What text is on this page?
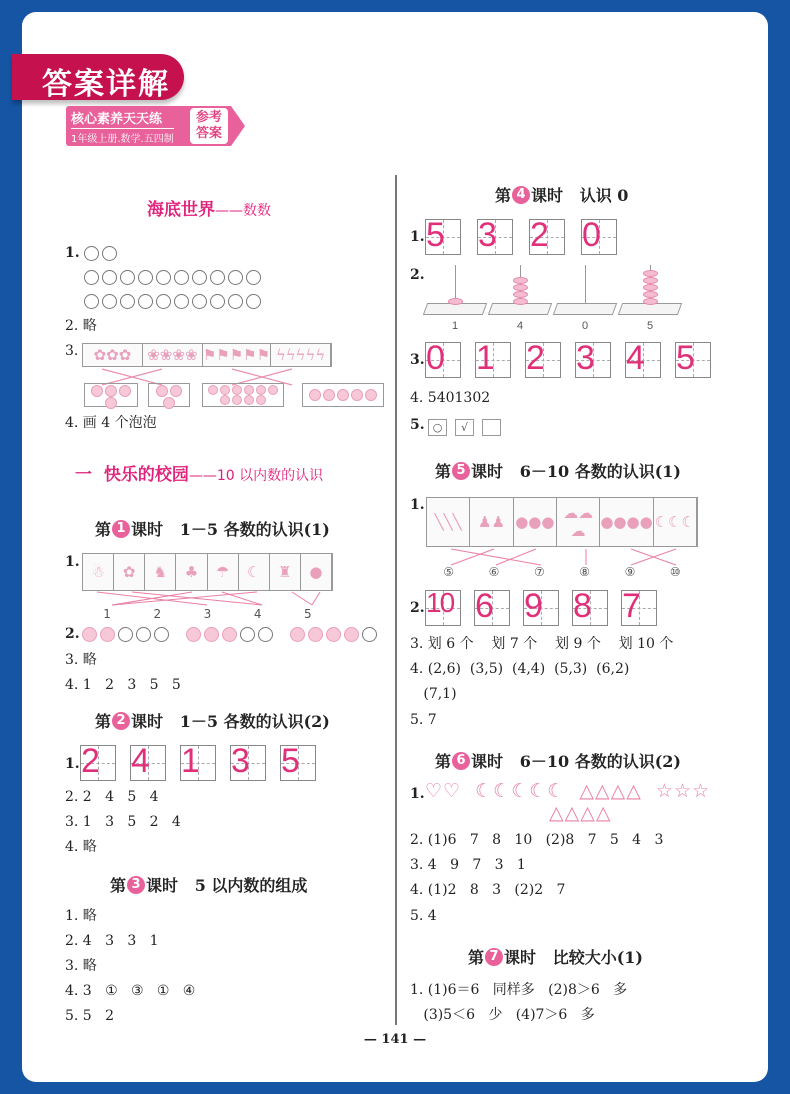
答案详解
核心素养天天练
1年级上册.数学.五四制
参考
答案
海底世界——数数
1.
2. 略
3.	✿✿✿	❀❀❀❀ ⚑⚑⚑⚑⚑ ϟϟϟϟϟ
4. 画 4 个泡泡
一  快乐的校园——10 以内数的认识
第 1 课时   1－5 各数的认识(1)
1.
☃	✿	♞	♣	☂	☾	♜	●
1	2	3	4	5
2.
3. 略
4. 1   2   3   5   5
第 2 课时   1－5 各数的认识(2)
1. 2 4 1 3 5
2. 2   4   5   4
3. 1   3   5   2   4
4. 略
第 3 课时   5 以内数的组成
1. 略
2. 4   3   3   1
3. 略
4. 3   ①   ③   ①   ④
5. 5   2
第 4 课时   认识 0
1. 5 3 2 0
2.
1	4	0	5
3. 0 1 2 3 4 5
4. 5401302
5. ○	√
第 5 课时   6－10 各数的认识(1)
1.
╲╲╲	♟♟ ●●● ☁☁☁ ●●●● ☾☾☾
⑤	⑥	⑦	⑧	⑨	⑩
2. 10 6 9 8 7
3. 划 6 个    划 7 个    划 9 个    划 10 个
4. (2,6)  (3,5)  (4,4)  (5,3)  (6,2)
(7,1)
5. 7
第 6 课时   6－10 各数的认识(2)
1. ♡♡  ☾☾☾☾☾  △△△△  ☆☆☆
△△△△
2. (1)6   7   8   10   (2)8   7   5   4   3
3. 4   9   7   3   1
4. (1)2   8   3   (2)2   7
5. 4
第 7 课时   比较大小(1)
1. (1)6＝6   同样多   (2)8＞6   多
(3)5＜6   少   (4)7＞6   多
— 141 —
